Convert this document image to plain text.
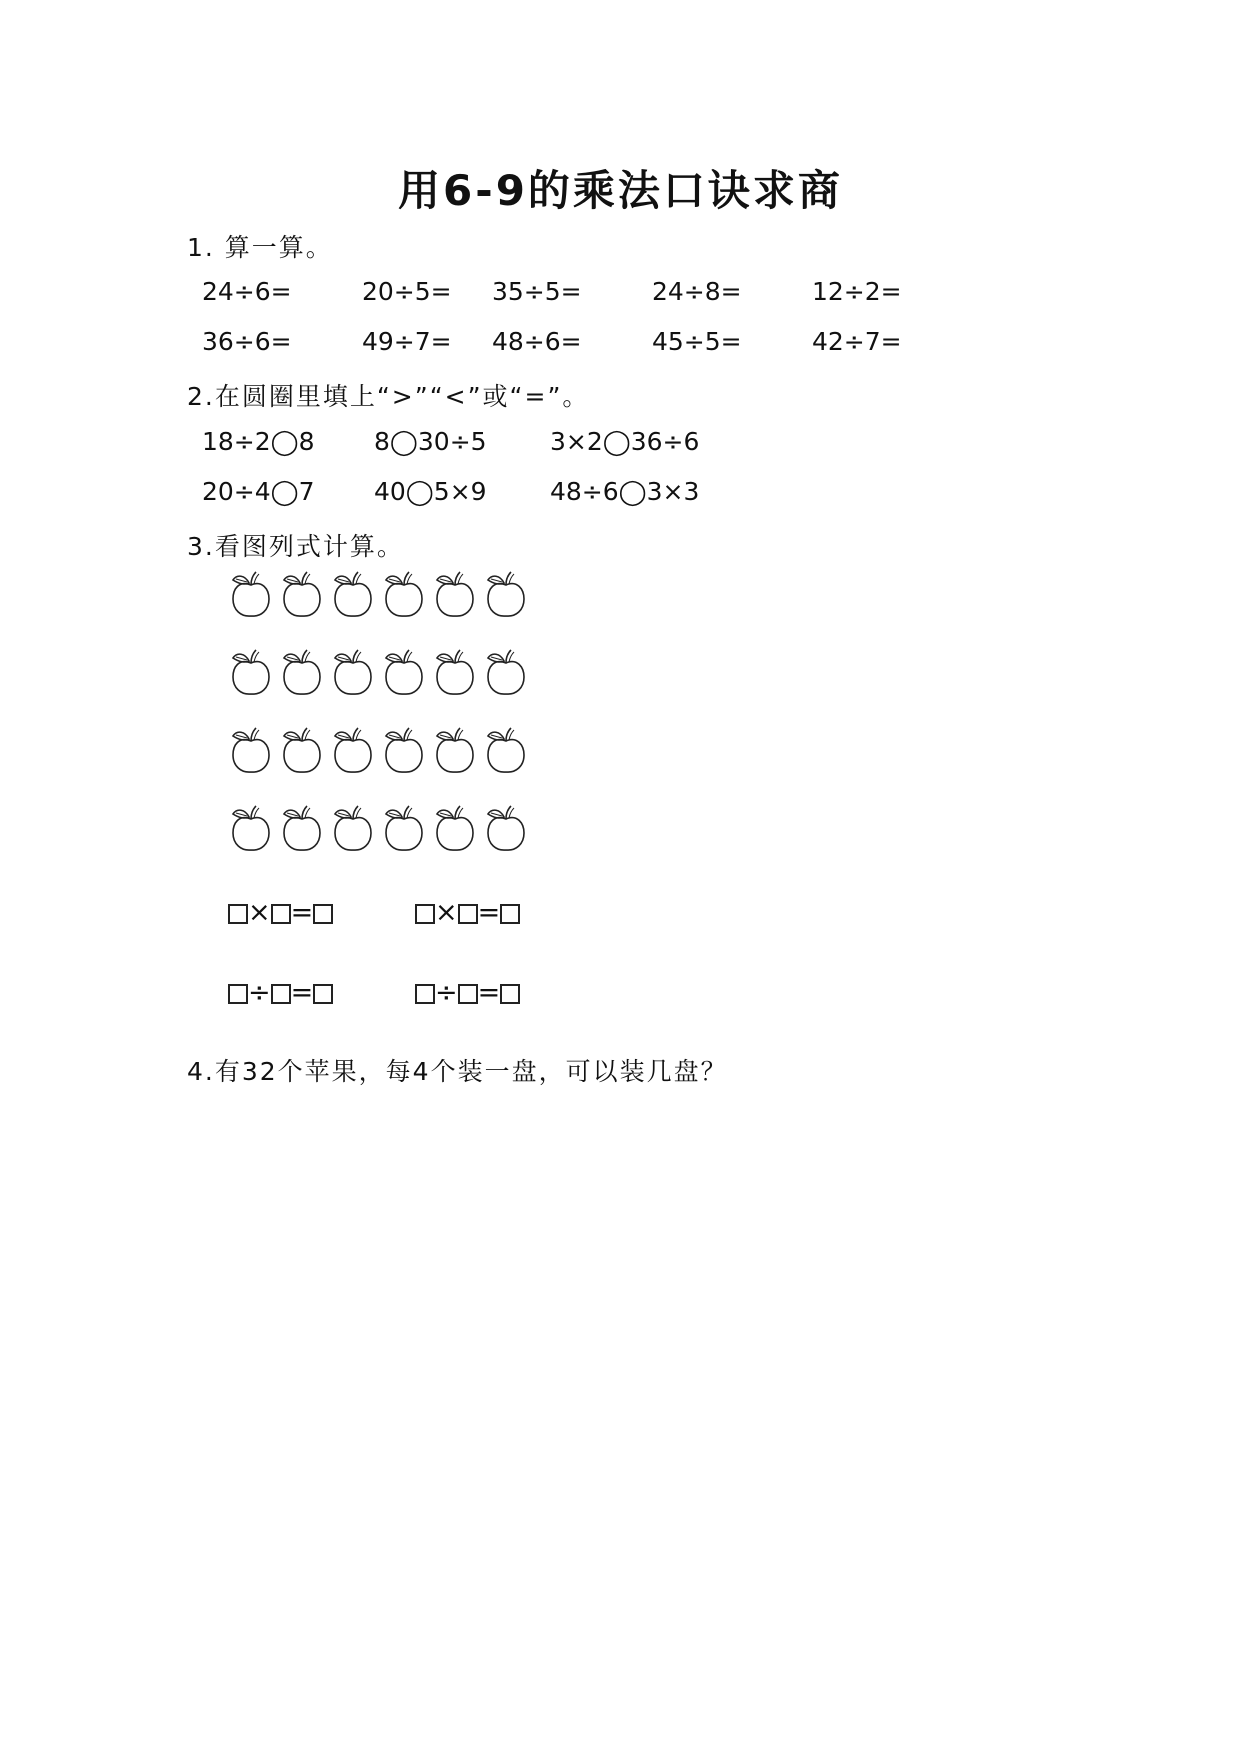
用6-9的乘法口诀求商
1. 算一算。
24÷6=	20÷5= 35÷5=	24÷8=	12÷2=
36÷6=	49÷7= 48÷6=	45÷5=	42÷7=
2.在圆圈里填上“>”“<”或“=”。
18÷2◯8 8◯30÷5	3×2◯36÷6
20÷4◯7 40◯5×9	48÷6◯3×3
3.看图列式计算。
× =	× =
÷ =	÷ =
4.有32个苹果，每4个装一盘，可以装几盘？
